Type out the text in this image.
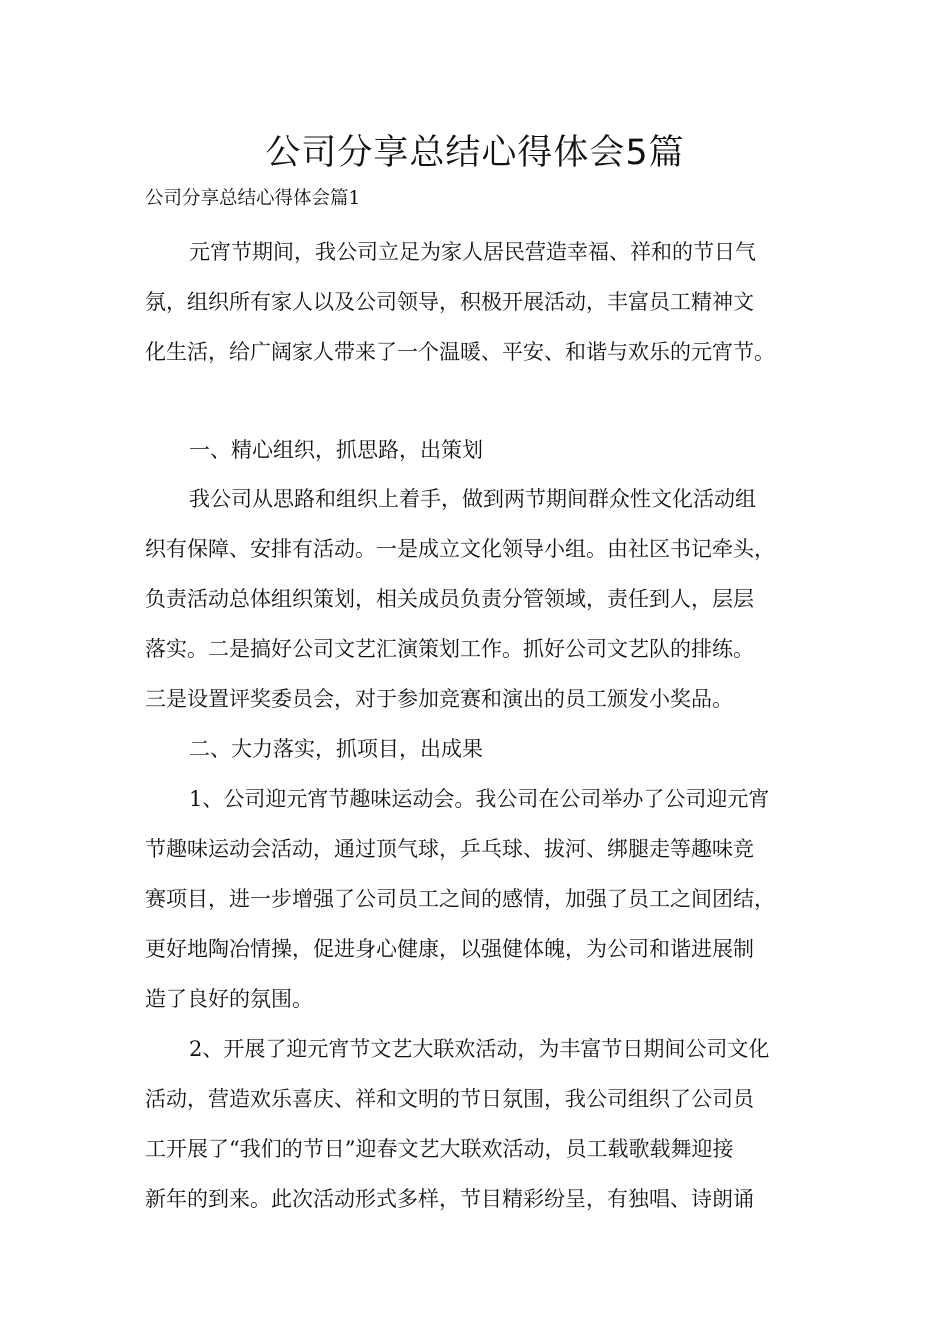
公司分享总结心得体会5篇
公司分享总结心得体会篇1
元宵节期间，我公司立足为家人居民营造幸福、祥和的节日气
氛，组织所有家人以及公司领导，积极开展活动，丰富员工精神文
化生活，给广阔家人带来了一个温暖、平安、和谐与欢乐的元宵节。
一、精心组织，抓思路，出策划
我公司从思路和组织上着手，做到两节期间群众性文化活动组
织有保障、安排有活动。一是成立文化领导小组。由社区书记牵头，
负责活动总体组织策划，相关成员负责分管领域，责任到人，层层
落实。二是搞好公司文艺汇演策划工作。抓好公司文艺队的排练。
三是设置评奖委员会，对于参加竞赛和演出的员工颁发小奖品。
二、大力落实，抓项目，出成果
1、公司迎元宵节趣味运动会。我公司在公司举办了公司迎元宵
节趣味运动会活动，通过顶气球，乒乓球、拔河、绑腿走等趣味竞
赛项目，进一步增强了公司员工之间的感情，加强了员工之间团结，
更好地陶冶情操，促进身心健康，以强健体魄，为公司和谐进展制
造了良好的氛围。
2、开展了迎元宵节文艺大联欢活动，为丰富节日期间公司文化
活动，营造欢乐喜庆、祥和文明的节日氛围，我公司组织了公司员
工开展了“我们的节日”迎春文艺大联欢活动，员工载歌载舞迎接
新年的到来。此次活动形式多样，节目精彩纷呈，有独唱、诗朗诵
